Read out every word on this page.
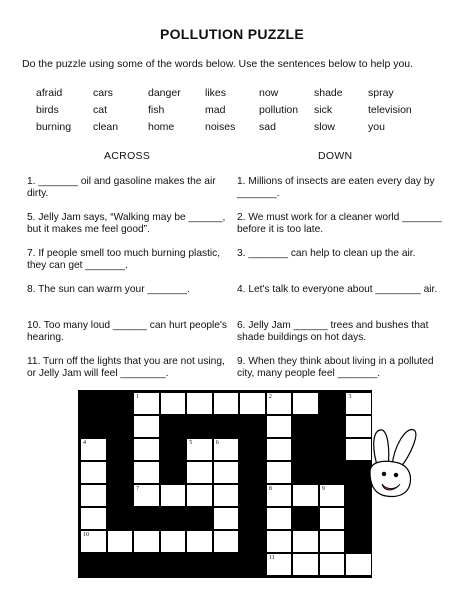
POLLUTION PUZZLE
Do the puzzle using some of the words below. Use the sentences below to help you.
afraid	cars	danger	likes	now	shade	spray
birds	cat	fish	mad	pollution	sick	television
burning	clean	home	noises	sad	slow	you
ACROSS	DOWN

1. _______ oil and gasoline makes the air dirty.

5. Jelly Jam says, “Walking may be ______, but it makes me feel good”.

7. If people smell too much burning plastic, they can get _______.

8. The sun can warm your _______.

10. Too many loud ______ can hurt people's hearing.

11. Turn off the lights that you are not using, or Jelly Jam will feel ________.

1. Millions of insects are eaten every day by _______.

2. We must work for a cleaner world _______ before it is too late.

3. _______ can help to clean up the air.

4. Let's talk to everyone about ________ air.

6. Jelly Jam ______ trees and bushes that shade buildings on hot days.

9. When they think about living in a polluted city, many people feel _______.

1	2	3
4	5	6
7	8	9
10
11
